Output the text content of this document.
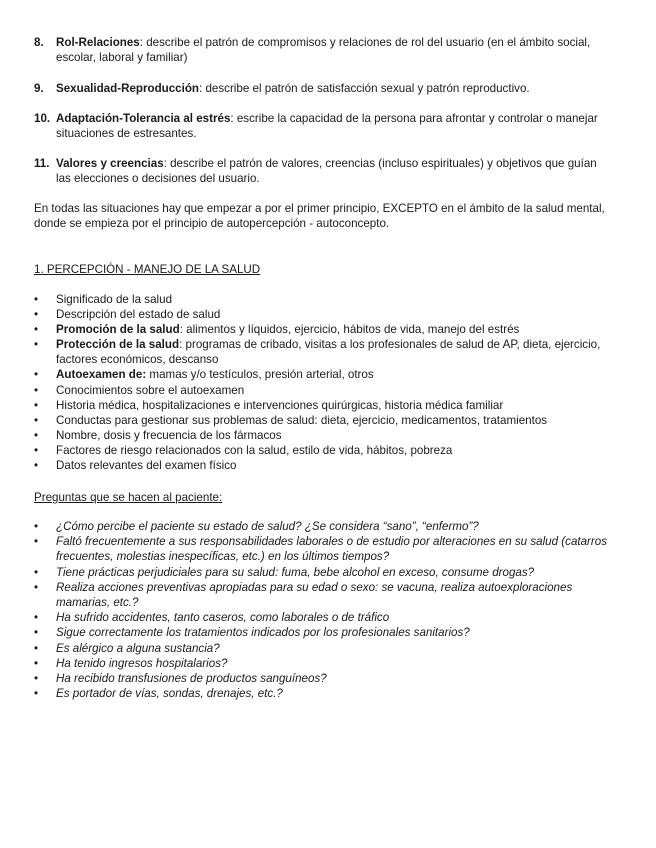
8. Rol-Relaciones: describe el patrón de compromisos y relaciones de rol del usuario (en el ámbito social, escolar, laboral y familiar)
9. Sexualidad-Reproducción: describe el patrón de satisfacción sexual y patrón reproductivo.
10. Adaptación-Tolerancia al estrés: escribe la capacidad de la persona para afrontar y controlar o manejar situaciones de estresantes.
11. Valores y creencias: describe el patrón de valores, creencias (incluso espirituales) y objetivos que guían las elecciones o decisiones del usuario.
En todas las situaciones hay que empezar a por el primer principio, EXCEPTO en el ámbito de la salud mental, donde se empieza por el principio de autopercepción - autoconcepto.
1. PERCEPCIÓN - MANEJO DE LA SALUD
• Significado de la salud
• Descripción del estado de salud
• Promoción de la salud: alimentos y líquidos, ejercicio, hábitos de vida, manejo del estrés
• Protección de la salud: programas de cribado, visitas a los profesionales de salud de AP, dieta, ejercicio, factores económicos, descanso
• Autoexamen de: mamas y/o testículos, presión arterial, otros
• Conocimientos sobre el autoexamen
• Historia médica, hospitalizaciones e intervenciones quirúrgicas, historia médica familiar
• Conductas para gestionar sus problemas de salud: dieta, ejercicio, medicamentos, tratamientos
• Nombre, dosis y frecuencia de los fármacos
• Factores de riesgo relacionados con la salud, estilo de vida, hábitos, pobreza
• Datos relevantes del examen físico
Preguntas que se hacen al paciente:
• ¿Cómo percibe el paciente su estado de salud? ¿Se considera “sano”, “enfermo”?
• Faltó frecuentemente a sus responsabilidades laborales o de estudio por alteraciones en su salud (catarros frecuentes, molestias inespecíficas, etc.) en los últimos tiempos?
• Tiene prácticas perjudiciales para su salud: fuma, bebe alcohol en exceso, consume drogas?
• Realiza acciones preventivas apropiadas para su edad o sexo: se vacuna, realiza autoexploraciones mamarias, etc.?
• Ha sufrido accidentes, tanto caseros, como laborales o de tráfico
• Sigue correctamente los tratamientos indicados por los profesionales sanitarios?
• Es alérgico a alguna sustancia?
• Ha tenido ingresos hospitalarios?
• Ha recibido transfusiones de productos sanguíneos?
• Es portador de vías, sondas, drenajes, etc.?
